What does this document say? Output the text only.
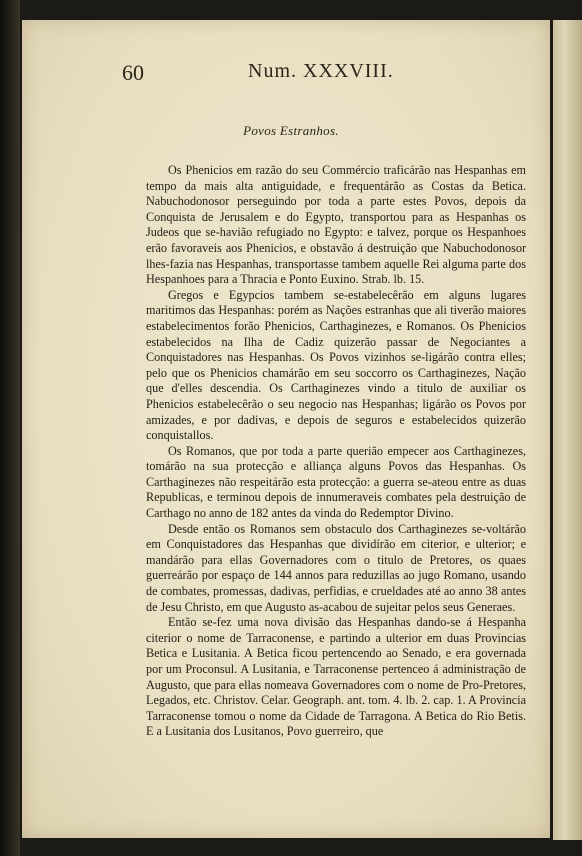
60	Num. XXXVIII.
Povos Estranhos.

Os Phenicios em razão do seu Commércio traficárão nas Hespanhas em tempo da mais alta antiguidade, e frequentárão as Costas da Betica. Nabuchodonosor perseguindo por toda a parte estes Povos, depois da Conquista de Jerusalem e do Egypto, transportou para as Hespanhas os Judeos que se-havião refugiado no Egypto: e talvez, porque os Hespanhoes erão favoraveis aos Phenicios, e obstavão á destruição que Nabuchodonosor lhes-fazia nas Hespanhas, transportasse tambem aquelle Rei alguma parte dos Hespanhoes para a Thracia e Ponto Euxino. Strab. lb. 15.

Gregos e Egypcios tambem se-estabelecêrão em alguns lugares maritimos das Hespanhas: porém as Nações estranhas que ali tiverão maiores estabelecimentos forão Phenicios, Carthaginezes, e Romanos. Os Phenicios estabelecidos na Ilha de Cadiz quizerão passar de Negociantes a Conquistadores nas Hespanhas. Os Povos vizinhos se-ligárão contra elles; pelo que os Phenicios chamárão em seu soccorro os Carthaginezes, Nação que d'elles descendia. Os Carthaginezes vindo a titulo de auxiliar os Phenicios estabelecêrão o seu negocio nas Hespanhas; ligárão os Povos por amizades, e por dadivas, e depois de seguros e estabelecidos quizerão conquistallos.

Os Romanos, que por toda a parte querião empecer aos Carthaginezes, tomárão na sua protecção e alliança alguns Povos das Hespanhas. Os Carthaginezes não respeitárão esta protecção: a guerra se-ateou entre as duas Republicas, e terminou depois de innumeraveis combates pela destruição de Carthago no anno de 182 antes da vinda do Redemptor Divino.

Desde então os Romanos sem obstaculo dos Carthaginezes se-voltárão em Conquistadores das Hespanhas que dividírão em citerior, e ulterior; e mandárão para ellas Governadores com o titulo de Pretores, os quaes guerreárão por espaço de 144 annos para reduzillas ao jugo Romano, usando de combates, promessas, dadivas, perfidias, e crueldades até ao anno 38 antes de Jesu Christo, em que Augusto as-acabou de sujeitar pelos seus Generaes.

Então se-fez uma nova divisão das Hespanhas dando-se á Hespanha citerior o nome de Tarraconense, e partindo a ulterior em duas Provincias Betica e Lusitania. A Betica ficou pertencendo ao Senado, e era governada por um Proconsul. A Lusitania, e Tarraconense pertenceo á administração de Augusto, que para ellas nomeava Governadores com o nome de Pro-Pretores, Legados, etc. Christov. Celar. Geograph. ant. tom. 4. lb. 2. cap. 1. A Provincia Tarraconense tomou o nome da Cidade de Tarragona. A Betica do Rio Betis. E a Lusitania dos Lusitanos, Povo guerreiro, que
